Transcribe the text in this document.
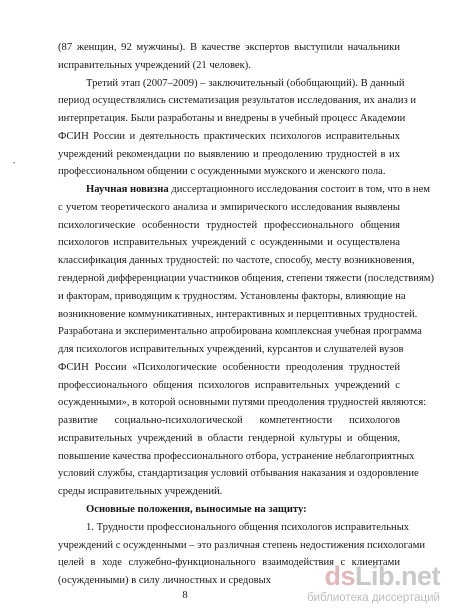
(87 женщин, 92 мужчины). В качестве экспертов выступили начальники
исправительных учреждений (21 человек).
Третий этап (2007–2009) – заключительный (обобщающий). В данный
период осуществлялись систематизация результатов исследования, их анализ и
интерпретация. Были разработаны и внедрены в учебный процесс Академии
ФСИН России и деятельность практических психологов исправительных
учреждений рекомендации по выявлению и преодолению трудностей в их
профессиональном общении с осужденными мужского и женского пола.
Научная новизна диссертационного исследования состоит в том, что в нем
с учетом теоретического анализа и эмпирического исследования выявлены
психологические особенности трудностей профессионального общения
психологов исправительных учреждений с осужденными и осуществлена
классификация данных трудностей: по частоте, способу, месту возникновения,
гендерной дифференциации участников общения, степени тяжести (последствиям)
и факторам, приводящим к трудностям. Установлены факторы, влияющие на
возникновение коммуникативных, интерактивных и перцептивных трудностей.
Разработана и экспериментально апробирована комплексная учебная программа
для психологов исправительных учреждений, курсантов и слушателей вузов
ФСИН России «Психологические особенности преодоления трудностей
профессионального общения психологов исправительных учреждений с
осужденными», в которой основными путями преодоления трудностей являются:
развитие социально-психологической компетентности психологов
исправительных учреждений в области гендерной культуры и общения,
повышение качества профессионального отбора, устранение неблагоприятных
условий службы, стандартизация условий отбывания наказания и оздоровление
среды исправительных учреждений.
Основные положения, выносимые на защиту:
1. Трудности профессионального общения психологов исправительных
учреждений с осужденными – это различная степень недостижения психологами
целей в ходе служебно-функционального взаимодействия с клиентами
(осужденными) в силу личностных и средовых
•
8
dsLib.net
библиотека диссертаций
